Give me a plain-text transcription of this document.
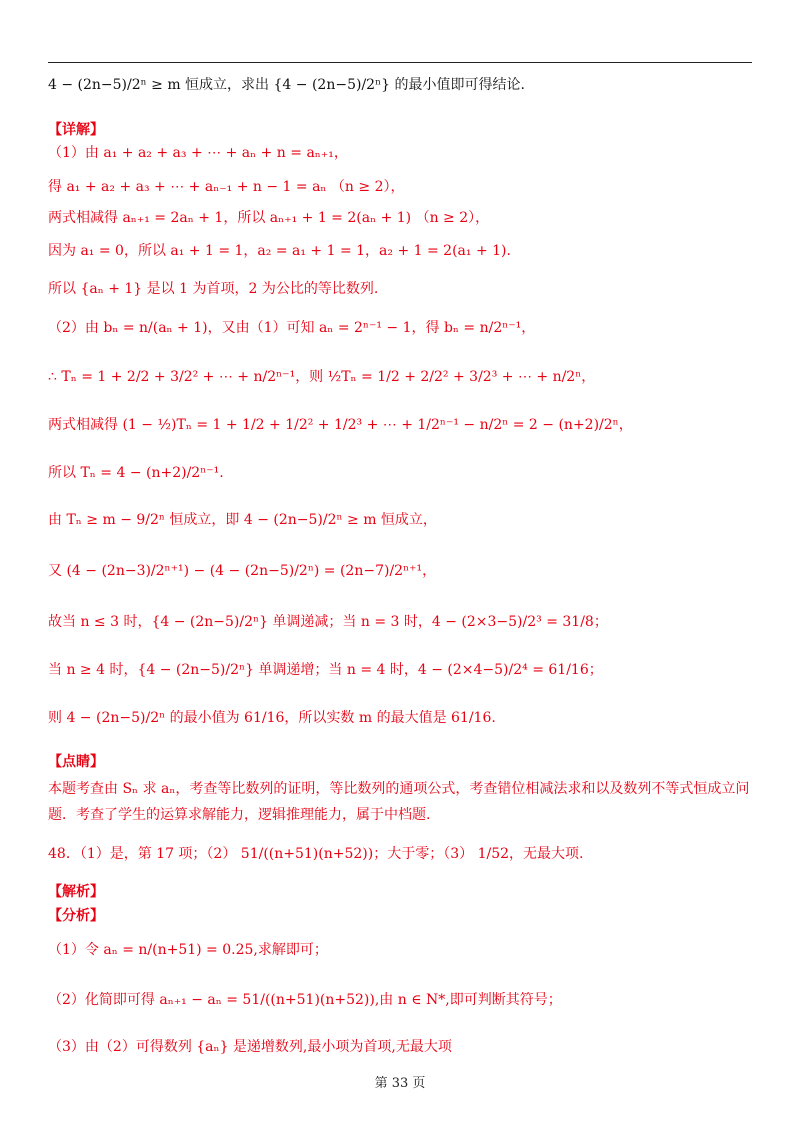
4 − (2n−5)/2ⁿ ≥ m 恒成立，求出 {4 − (2n−5)/2ⁿ} 的最小值即可得结论.
【详解】
（1）由 a₁ + a₂ + a₃ + ⋯ + aₙ + n = aₙ₊₁，
得 a₁ + a₂ + a₃ + ⋯ + aₙ₋₁ + n − 1 = aₙ （n ≥ 2），
两式相减得 aₙ₊₁ = 2aₙ + 1，所以 aₙ₊₁ + 1 = 2(aₙ + 1) （n ≥ 2），
因为 a₁ = 0，所以 a₁ + 1 = 1，a₂ = a₁ + 1 = 1，a₂ + 1 = 2(a₁ + 1).
所以 {aₙ + 1} 是以 1 为首项，2 为公比的等比数列.
（2）由 bₙ = n/(aₙ + 1)，又由（1）可知 aₙ = 2ⁿ⁻¹ − 1，得 bₙ = n/2ⁿ⁻¹，
∴ Tₙ = 1 + 2/2 + 3/2² + ⋯ + n/2ⁿ⁻¹，则 ½Tₙ = 1/2 + 2/2² + 3/2³ + ⋯ + n/2ⁿ，
两式相减得 (1 − ½)Tₙ = 1 + 1/2 + 1/2² + 1/2³ + ⋯ + 1/2ⁿ⁻¹ − n/2ⁿ = 2 − (n+2)/2ⁿ，
所以 Tₙ = 4 − (n+2)/2ⁿ⁻¹.
由 Tₙ ≥ m − 9/2ⁿ 恒成立，即 4 − (2n−5)/2ⁿ ≥ m 恒成立，
又 (4 − (2n−3)/2ⁿ⁺¹) − (4 − (2n−5)/2ⁿ) = (2n−7)/2ⁿ⁺¹，
故当 n ≤ 3 时，{4 − (2n−5)/2ⁿ} 单调递减；当 n = 3 时，4 − (2×3−5)/2³ = 31/8；
当 n ≥ 4 时，{4 − (2n−5)/2ⁿ} 单调递增；当 n = 4 时，4 − (2×4−5)/2⁴ = 61/16；
则 4 − (2n−5)/2ⁿ 的最小值为 61/16，所以实数 m 的最大值是 61/16.
【点睛】
本题考查由 Sₙ 求 aₙ，考查等比数列的证明，等比数列的通项公式，考查错位相减法求和以及数列不等式恒成立问
题．考查了学生的运算求解能力，逻辑推理能力，属于中档题.
48．（1）是，第 17 项；（2） 51/((n+51)(n+52))；大于零；（3） 1/52，无最大项.
【解析】
【分析】
（1）令 aₙ = n/(n+51) = 0.25,求解即可；
（2）化简即可得 aₙ₊₁ − aₙ = 51/((n+51)(n+52)),由 n ∈ N*,即可判断其符号；
（3）由（2）可得数列 {aₙ} 是递增数列,最小项为首项,无最大项
第 33 页
